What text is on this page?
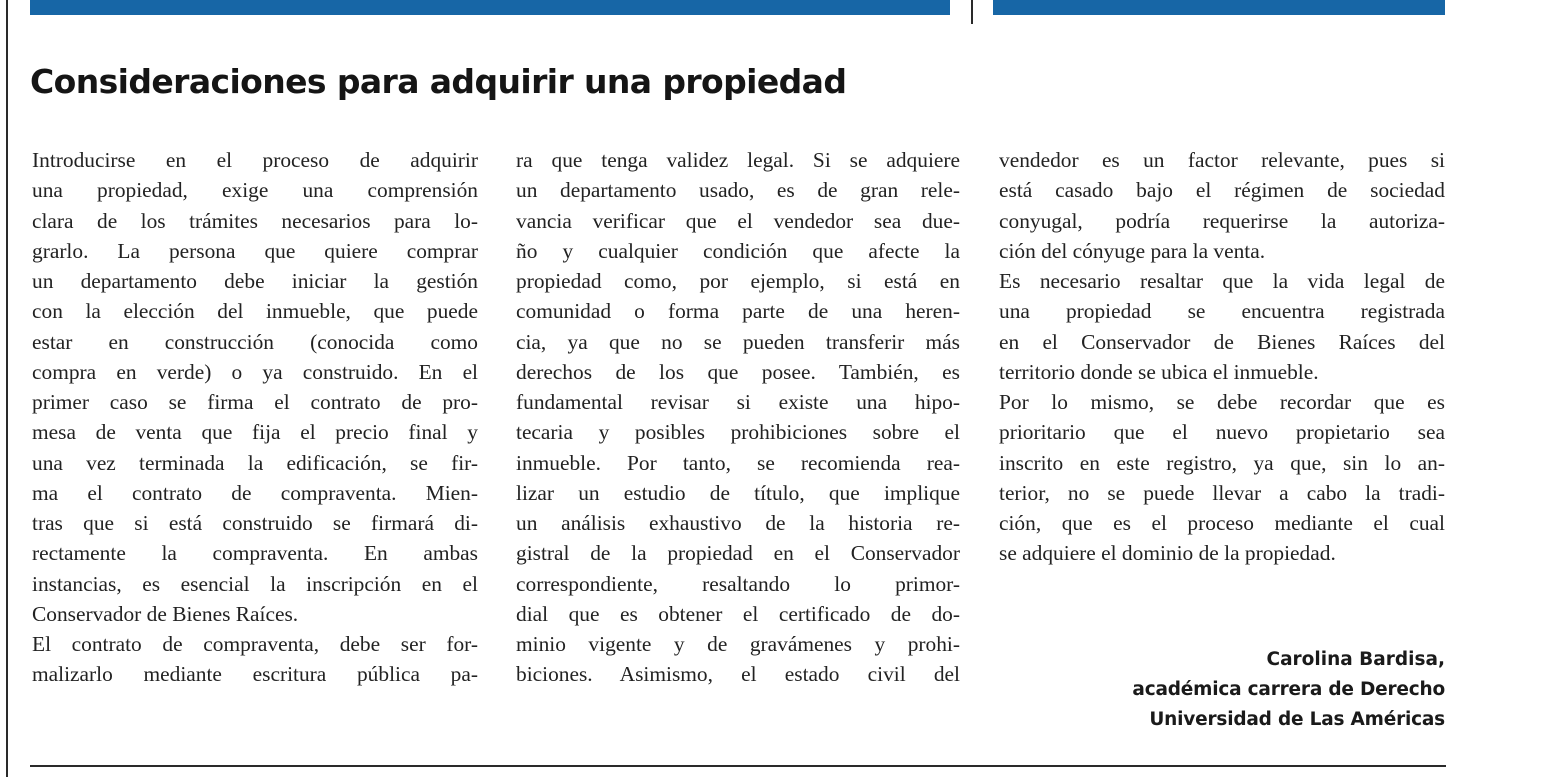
Consideraciones para adquirir una propiedad
Introducirse en el proceso de adquirir
una propiedad, exige una comprensión
clara de los trámites necesarios para lo-
grarlo. La persona que quiere comprar
un departamento debe iniciar la gestión
con la elección del inmueble, que puede
estar en construcción (conocida como
compra en verde) o ya construido. En el
primer caso se firma el contrato de pro-
mesa de venta que fija el precio final y
una vez terminada la edificación, se fir-
ma el contrato de compraventa. Mien-
tras que si está construido se firmará di-
rectamente la compraventa. En ambas
instancias, es esencial la inscripción en el
Conservador de Bienes Raíces.
El contrato de compraventa, debe ser for-
malizarlo mediante escritura pública pa-
ra que tenga validez legal. Si se adquiere
un departamento usado, es de gran rele-
vancia verificar que el vendedor sea due-
ño y cualquier condición que afecte la
propiedad como, por ejemplo, si está en
comunidad o forma parte de una heren-
cia, ya que no se pueden transferir más
derechos de los que posee. También, es
fundamental revisar si existe una hipo-
tecaria y posibles prohibiciones sobre el
inmueble. Por tanto, se recomienda rea-
lizar un estudio de título, que implique
un análisis exhaustivo de la historia re-
gistral de la propiedad en el Conservador
correspondiente, resaltando lo primor-
dial que es obtener el certificado de do-
minio vigente y de gravámenes y prohi-
biciones. Asimismo, el estado civil del
vendedor es un factor relevante, pues si
está casado bajo el régimen de sociedad
conyugal, podría requerirse la autoriza-
ción del cónyuge para la venta.
Es necesario resaltar que la vida legal de
una propiedad se encuentra registrada
en el Conservador de Bienes Raíces del
territorio donde se ubica el inmueble.
Por lo mismo, se debe recordar que es
prioritario que el nuevo propietario sea
inscrito en este registro, ya que, sin lo an-
terior, no se puede llevar a cabo la tradi-
ción, que es el proceso mediante el cual
se adquiere el dominio de la propiedad.
Carolina Bardisa,
académica carrera de Derecho
Universidad de Las Américas
